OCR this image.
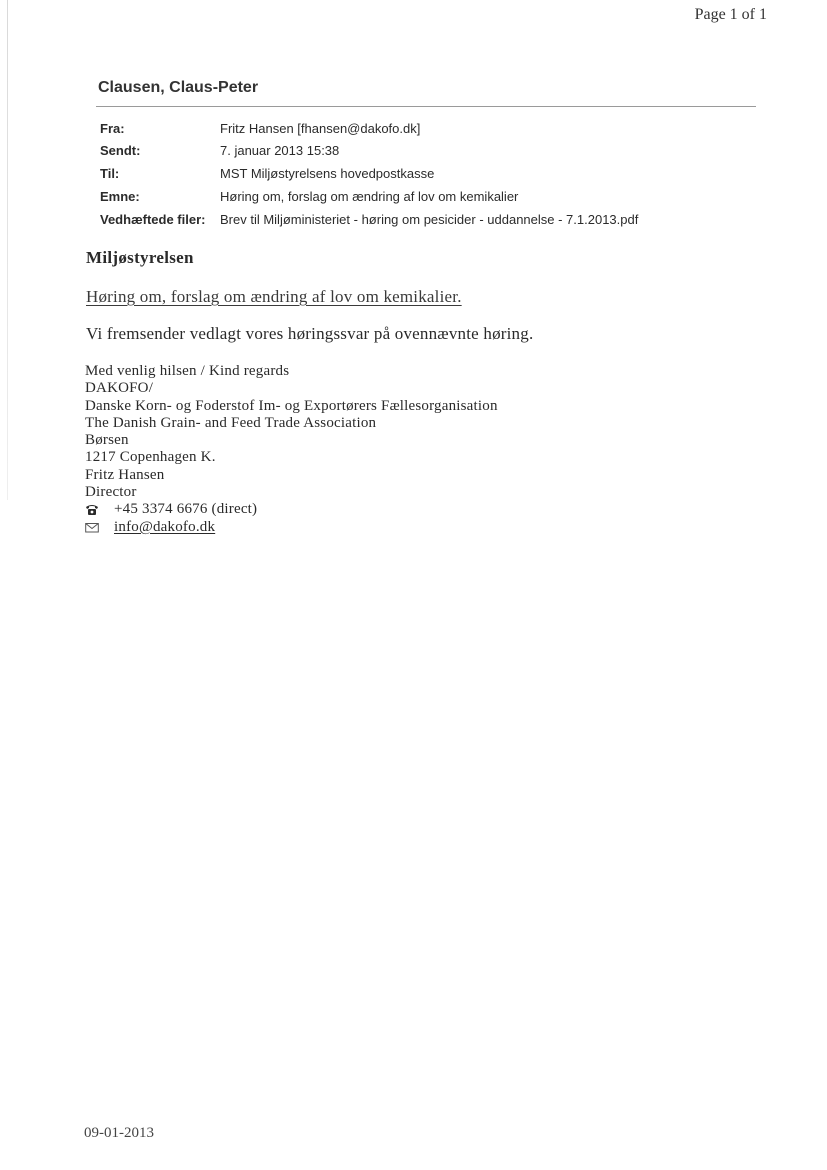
Page 1 of 1
Clausen, Claus-Peter
Fra:	Fritz Hansen [fhansen@dakofo.dk]
Sendt:	7. januar 2013 15:38
Til:	MST Miljøstyrelsens hovedpostkasse
Emne:	Høring om, forslag om ændring af lov om kemikalier
Vedhæftede filer: Brev til Miljøministeriet - høring om pesicider - uddannelse - 7.1.2013.pdf
Miljøstyrelsen
Høring om, forslag om ændring af lov om kemikalier.
Vi fremsender vedlagt vores høringssvar på ovennævnte høring.
Med venlig hilsen / Kind regards
DAKOFO/
Danske Korn- og Foderstof Im- og Exportørers Fællesorganisation
The Danish Grain- and Feed Trade Association
Børsen
1217 Copenhagen K.
Fritz Hansen
Director
+45 3374 6676 (direct)
info@dakofo.dk
09-01-2013
